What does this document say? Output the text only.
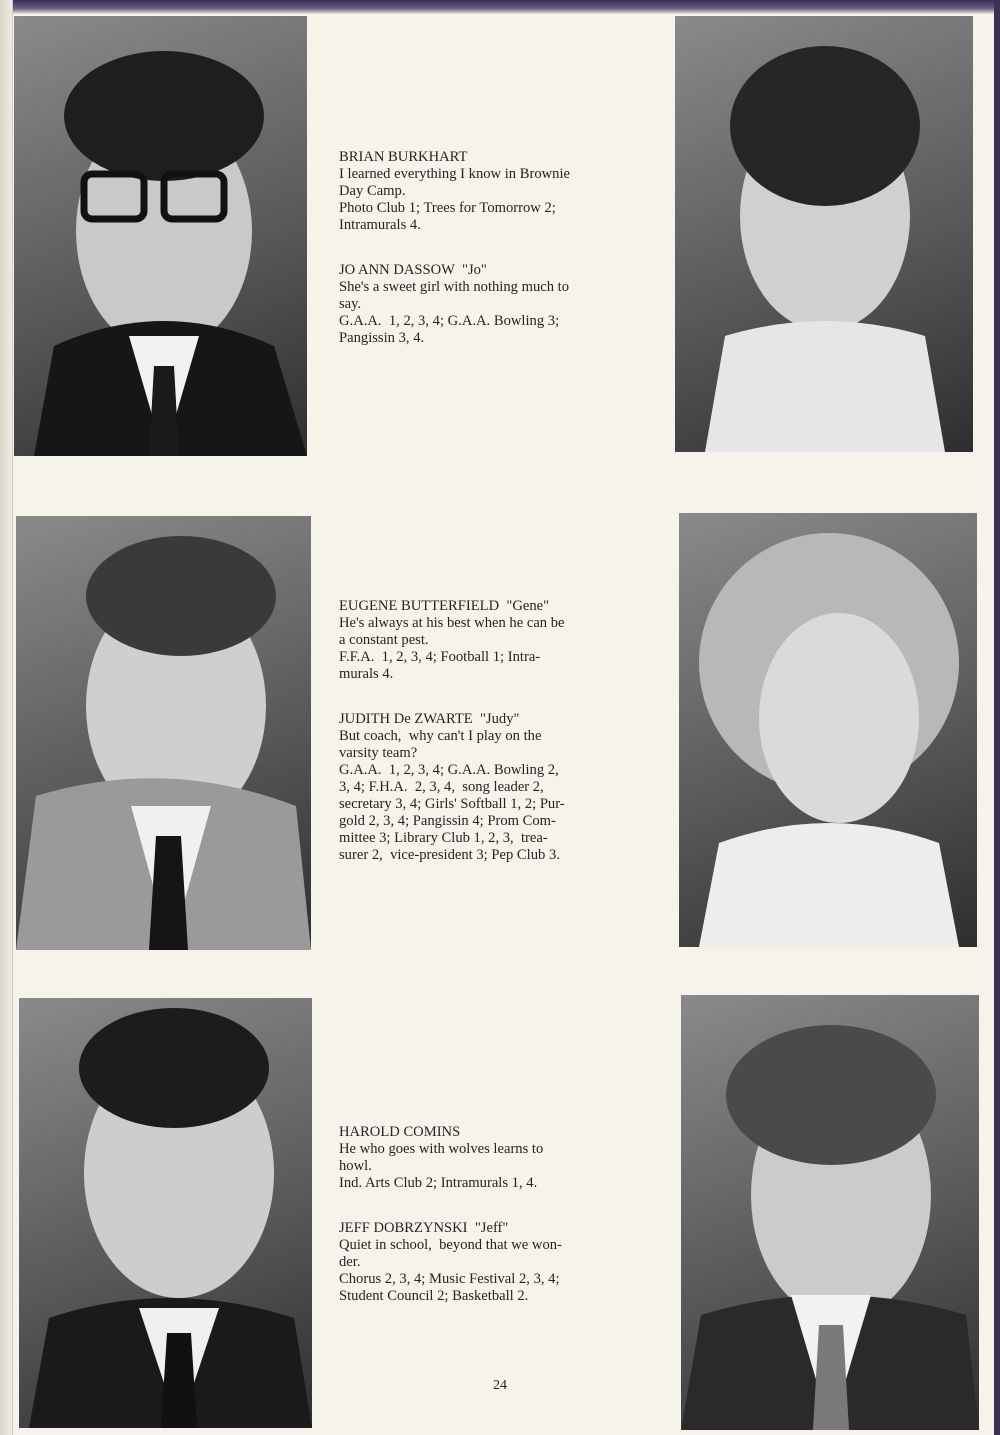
BRIAN BURKHART
I learned everything I know in Brownie
Day Camp.
Photo Club 1; Trees for Tomorrow 2;
Intramurals 4.
JO ANN DASSOW  "Jo"
She's a sweet girl with nothing much to
say.
G.A.A.  1, 2, 3, 4; G.A.A. Bowling 3;
Pangissin 3, 4.
EUGENE BUTTERFIELD  "Gene"
He's always at his best when he can be
a constant pest.
F.F.A.  1, 2, 3, 4; Football 1; Intra-
murals 4.
JUDITH De ZWARTE  "Judy"
But coach,  why can't I play on the
varsity team?
G.A.A.  1, 2, 3, 4; G.A.A. Bowling 2,
3, 4; F.H.A.  2, 3, 4,  song leader 2,
secretary 3, 4; Girls' Softball 1, 2; Pur-
gold 2, 3, 4; Pangissin 4; Prom Com-
mittee 3; Library Club 1, 2, 3,  trea-
surer 2,  vice-president 3; Pep Club 3.
HAROLD COMINS
He who goes with wolves learns to
howl.
Ind. Arts Club 2; Intramurals 1, 4.
JEFF DOBRZYNSKI  "Jeff"
Quiet in school,  beyond that we won-
der.
Chorus 2, 3, 4; Music Festival 2, 3, 4;
Student Council 2; Basketball 2.
24
